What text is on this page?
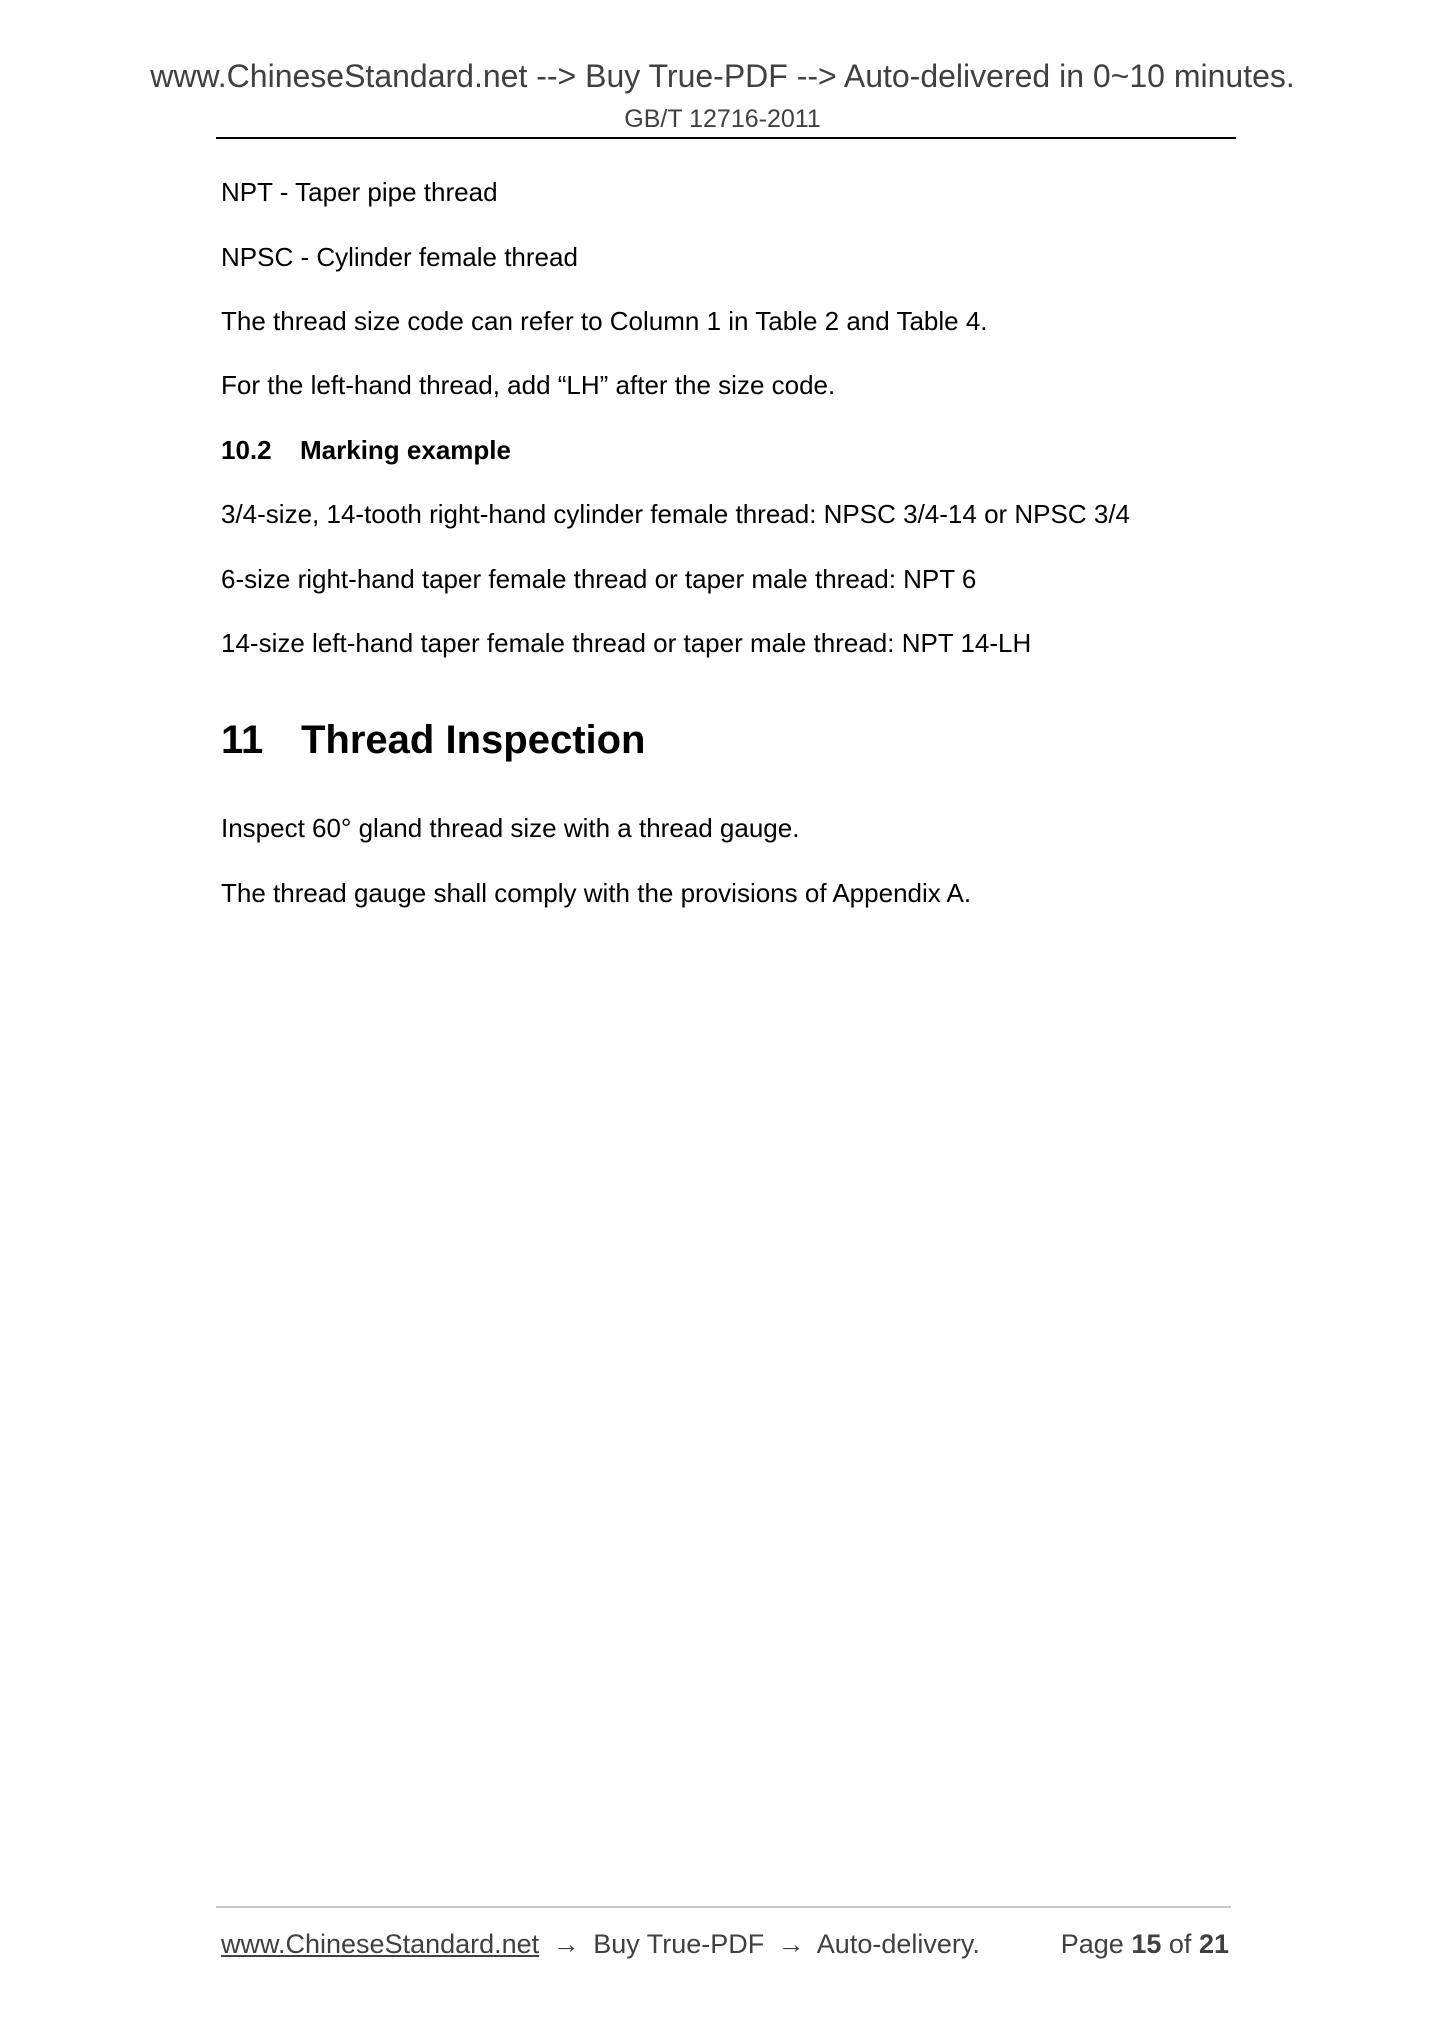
www.ChineseStandard.net --> Buy True-PDF --> Auto-delivered in 0~10 minutes.
GB/T 12716-2011

NPT - Taper pipe thread

NPSC - Cylinder female thread

The thread size code can refer to Column 1 in Table 2 and Table 4.

For the left-hand thread, add “LH” after the size code.

10.2 Marking example

3/4-size, 14-tooth right-hand cylinder female thread: NPSC 3/4-14 or NPSC 3/4

6-size right-hand taper female thread or taper male thread: NPT 6

14-size left-hand taper female thread or taper male thread: NPT 14-LH

11 Thread Inspection

Inspect 60° gland thread size with a thread gauge.

The thread gauge shall comply with the provisions of Appendix A.

www.ChineseStandard.net → Buy True-PDF → Auto-delivery.	Page 15 of 21
